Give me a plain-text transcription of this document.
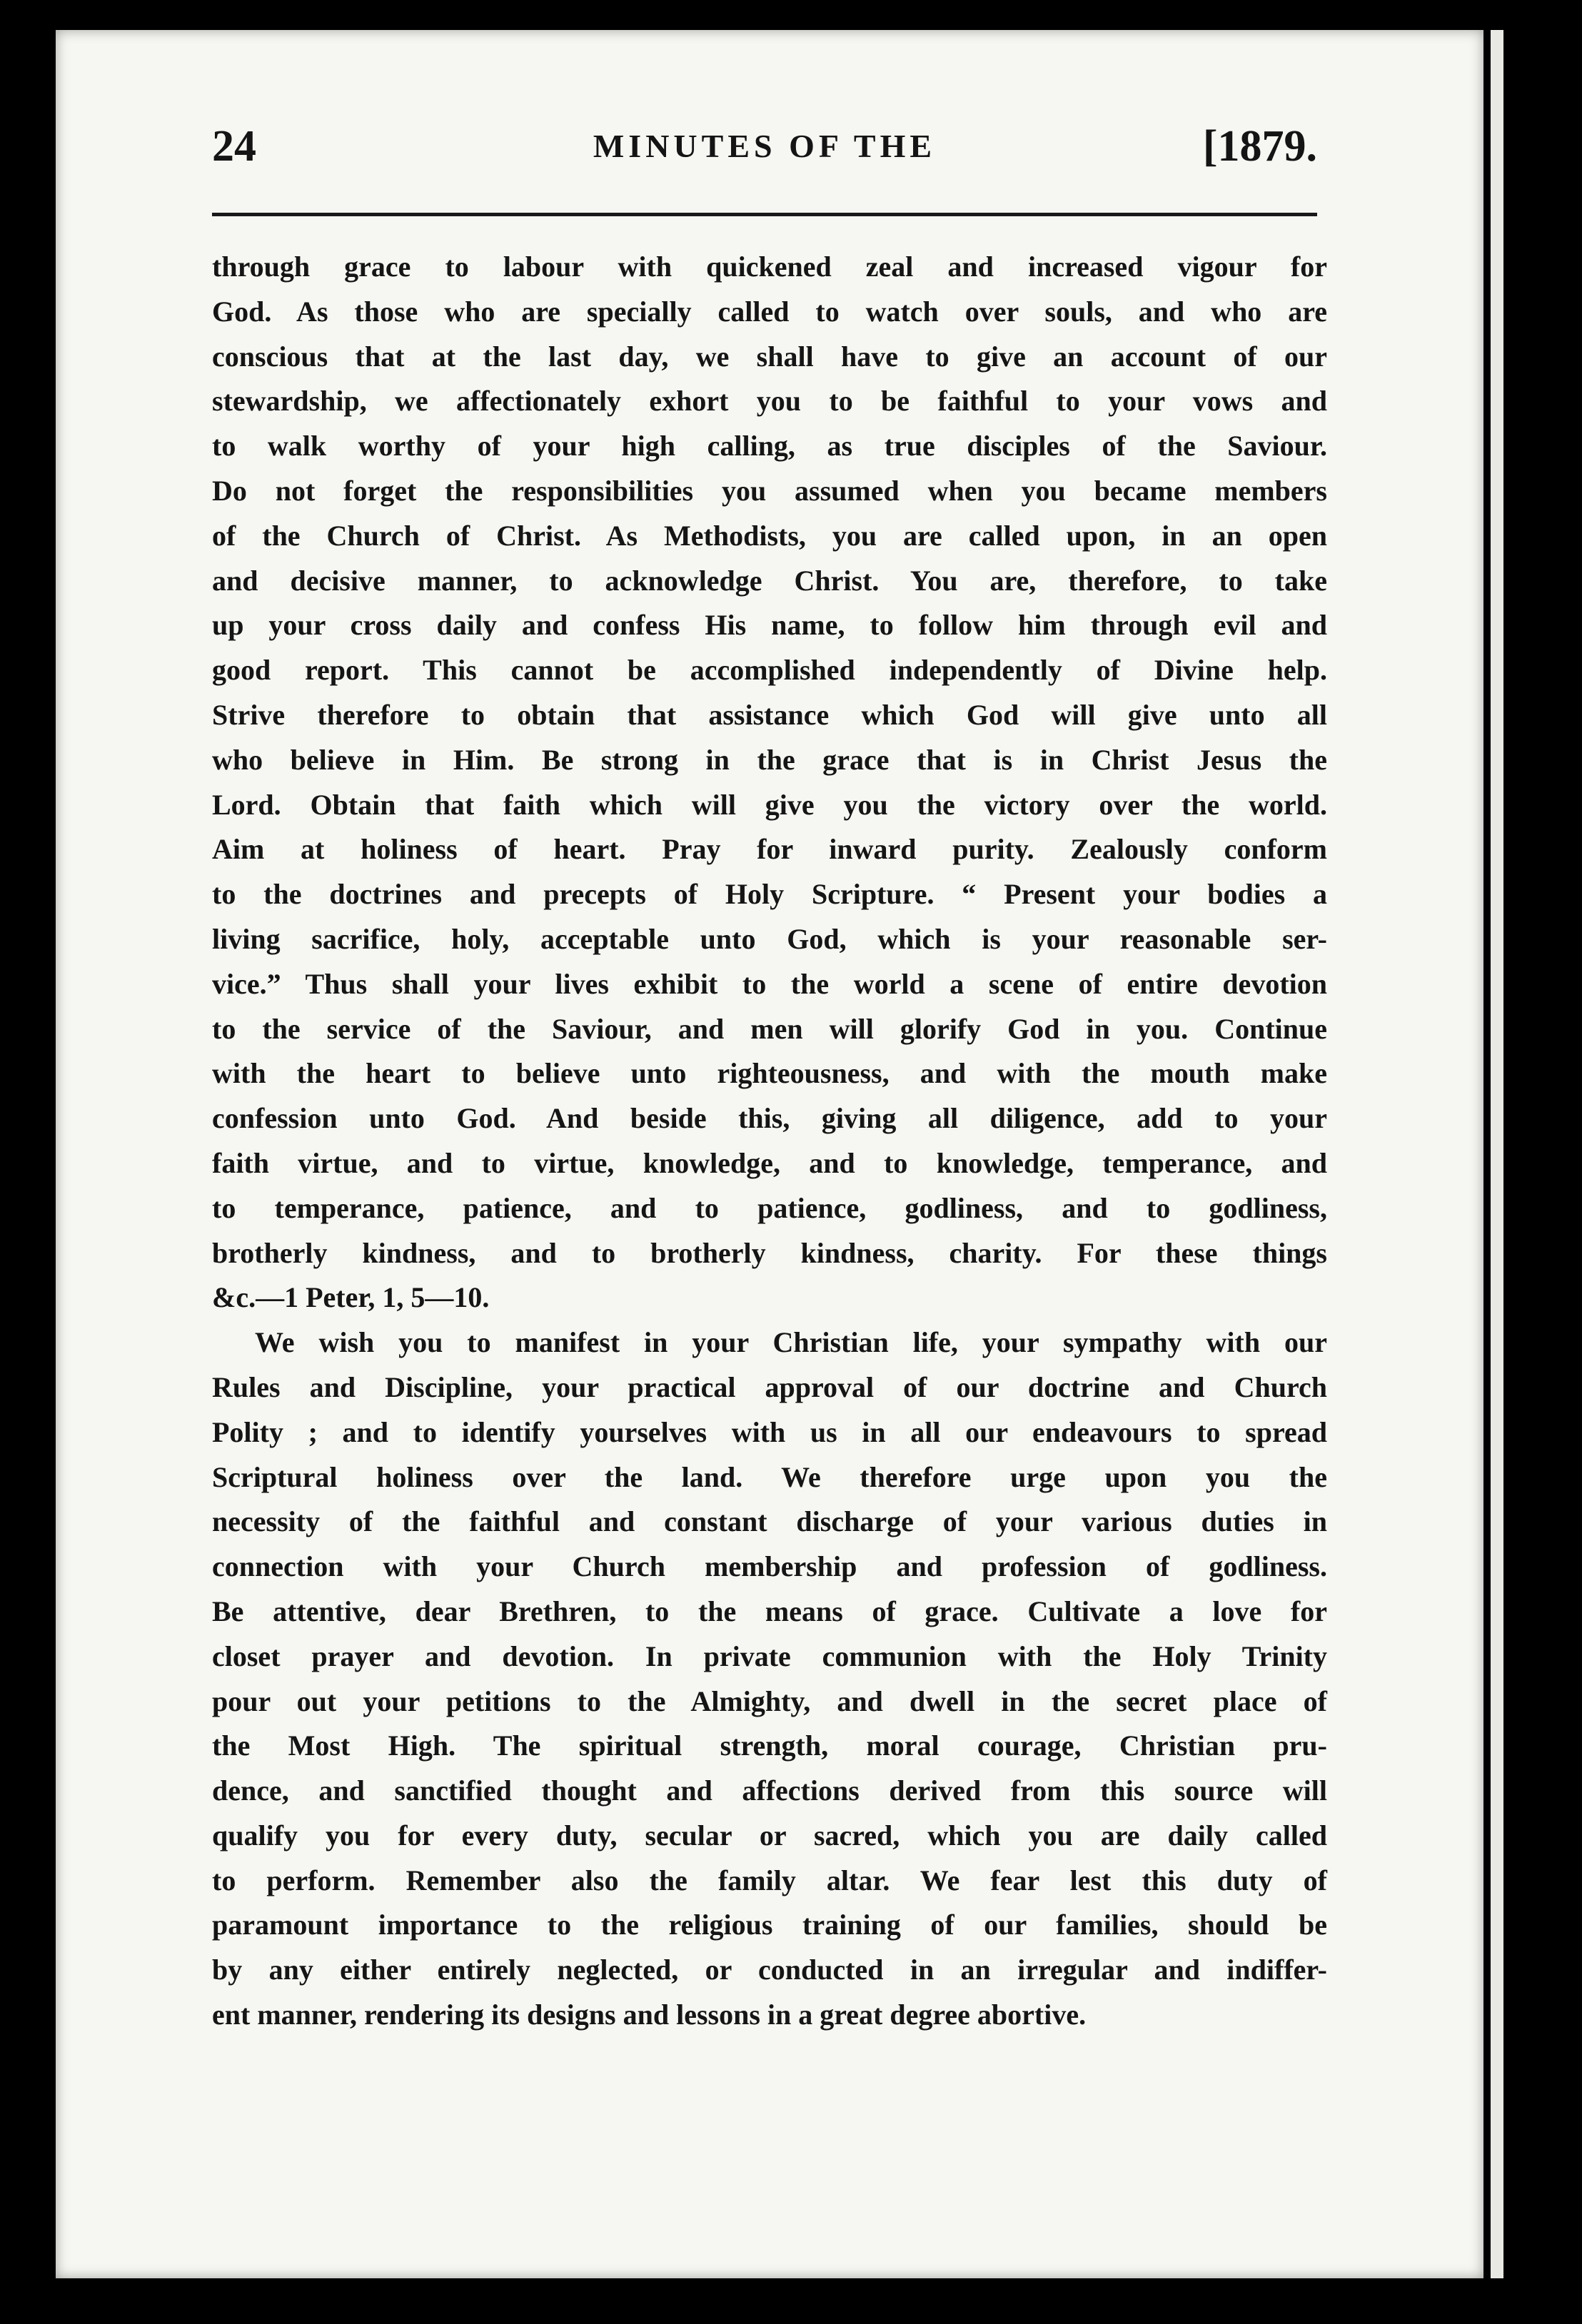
24	MINUTES OF THE	[1879.
through grace to labour with quickened zeal and increased vigour for
God. As those who are specially called to watch over souls, and who are
conscious that at the last day, we shall have to give an account of our
stewardship, we affectionately exhort you to be faithful to your vows and
to walk worthy of your high calling, as true disciples of the Saviour.
Do not forget the responsibilities you assumed when you became members
of the Church of Christ. As Methodists, you are called upon, in an open
and decisive manner, to acknowledge Christ. You are, therefore, to take
up your cross daily and confess His name, to follow him through evil and
good report. This cannot be accomplished independently of Divine help.
Strive therefore to obtain that assistance which God will give unto all
who believe in Him. Be strong in the grace that is in Christ Jesus the
Lord. Obtain that faith which will give you the victory over the world.
Aim at holiness of heart. Pray for inward purity. Zealously conform
to the doctrines and precepts of Holy Scripture. “ Present your bodies a
living sacrifice, holy, acceptable unto God, which is your reasonable ser-
vice.” Thus shall your lives exhibit to the world a scene of entire devotion
to the service of the Saviour, and men will glorify God in you. Continue
with the heart to believe unto righteousness, and with the mouth make
confession unto God. And beside this, giving all diligence, add to your
faith virtue, and to virtue, knowledge, and to knowledge, temperance, and
to temperance, patience, and to patience, godliness, and to godliness,
brotherly kindness, and to brotherly kindness, charity. For these things
&c.—1 Peter, 1, 5—10.
We wish you to manifest in your Christian life, your sympathy with our
Rules and Discipline, your practical approval of our doctrine and Church
Polity ; and to identify yourselves with us in all our endeavours to spread
Scriptural holiness over the land. We therefore urge upon you the
necessity of the faithful and constant discharge of your various duties in
connection with your Church membership and profession of godliness.
Be attentive, dear Brethren, to the means of grace. Cultivate a love for
closet prayer and devotion. In private communion with the Holy Trinity
pour out your petitions to the Almighty, and dwell in the secret place of
the Most High. The spiritual strength, moral courage, Christian pru-
dence, and sanctified thought and affections derived from this source will
qualify you for every duty, secular or sacred, which you are daily called
to perform. Remember also the family altar. We fear lest this duty of
paramount importance to the religious training of our families, should be
by any either entirely neglected, or conducted in an irregular and indiffer-
ent manner, rendering its designs and lessons in a great degree abortive.
